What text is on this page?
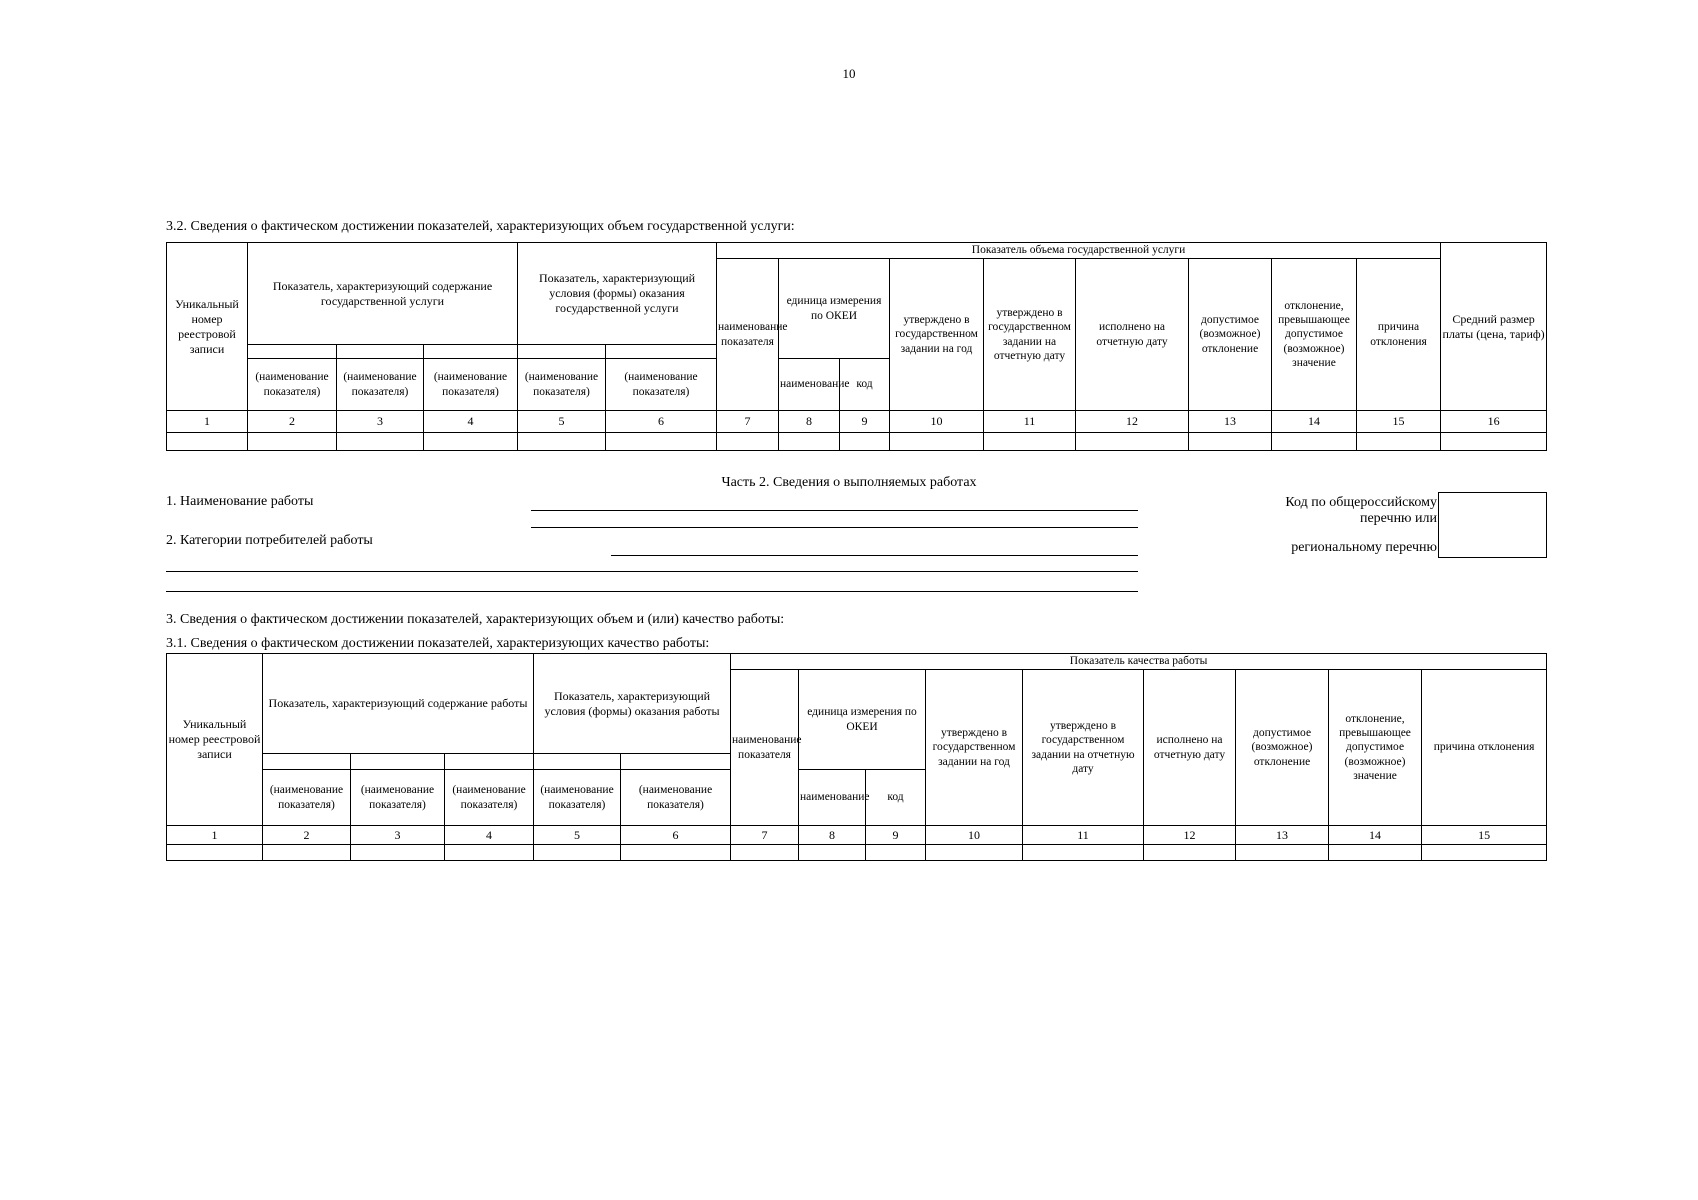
10
3.2. Сведения о фактическом достижении показателей, характеризующих объем государственной услуги:
Уникальный номер реестровой записи	Показатель, характеризующий содержание государственной услуги			Показатель, характеризующий условия (формы) оказания государственной услуги		Показатель объема государственной услуги									Средний размер платы (цена, тариф)
						наименование показателя	единица измерения по ОКЕИ		утверждено в государственном задании на год	утверждено в государственном задании на отчетную дату	исполнено на отчетную дату	допустимое (возможное) отклонение	отклонение, превышающее допустимое (возможное) значение	причина отклонения	

	(наименование показателя)	(наименование показателя)	(наименование показателя)	(наименование показателя)	(наименование показателя)		наименование	код							
1	2	3	4	5	6	7	8	9	10	11	12	13	14	15	16

Часть 2. Сведения о выполняемых работах
1. Наименование работы
2. Категории потребителей работы
Код по общероссийскому
перечню или
региональному перечню
3. Сведения о фактическом достижении показателей, характеризующих объем и (или) качество работы:
3.1. Сведения о фактическом достижении показателей, характеризующих качество работы:
Уникальный номер реестровой записи	Показатель, характеризующий содержание работы			Показатель, характеризующий условия (формы) оказания работы		Показатель качества работы								
						наименование показателя	единица измерения по ОКЕИ		утверждено в государственном задании на год	утверждено в государственном задании на отчетную дату	исполнено на отчетную дату	допустимое (возможное) отклонение	отклонение, превышающее допустимое (возможное) значение	причина отклонения

	(наименование показателя)	(наименование показателя)	(наименование показателя)	(наименование показателя)	(наименование показателя)		наименование	код						
1	2	3	4	5	6	7	8	9	10	11	12	13	14	15
